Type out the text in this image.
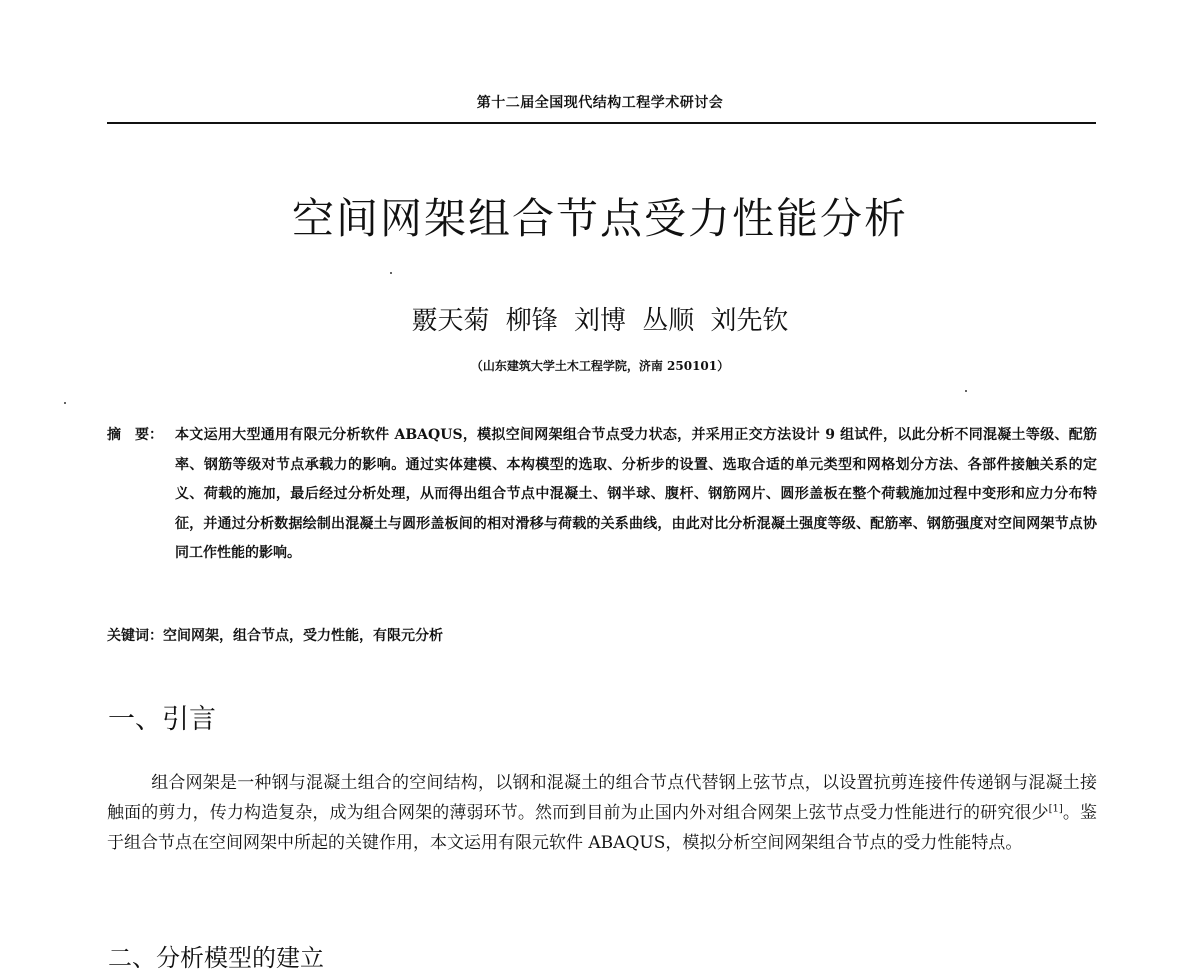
第十二届全国现代结构工程学术研讨会
空间网架组合节点受力性能分析
覈天菊 柳锋 刘博 丛顺 刘先钦
（山东建筑大学土木工程学院，济南 250101）
摘　要： 本文运用大型通用有限元分析软件 ABAQUS，模拟空间网架组合节点受力状态，并采用正交方法设计 9 组试件，以此分析不同混凝土等级、配筋率、钢筋等级对节点承载力的影响。通过实体建模、本构模型的选取、分析步的设置、选取合适的单元类型和网格划分方法、各部件接触关系的定义、荷载的施加，最后经过分析处理，从而得出组合节点中混凝土、钢半球、腹杆、钢筋网片、圆形盖板在整个荷载施加过程中变形和应力分布特征，并通过分析数据绘制出混凝土与圆形盖板间的相对滑移与荷载的关系曲线，由此对比分析混凝土强度等级、配筋率、钢筋强度对空间网架节点协同工作性能的影响。
关键词：空间网架，组合节点，受力性能，有限元分析
一、引言

组合网架是一种钢与混凝土组合的空间结构，以钢和混凝土的组合节点代替钢上弦节点，以设置抗剪连接件传递钢与混凝土接触面的剪力，传力构造复杂，成为组合网架的薄弱环节。然而到目前为止国内外对组合网架上弦节点受力性能进行的研究很少[1]。鉴于组合节点在空间网架中所起的关键作用，本文运用有限元软件 ABAQUS，模拟分析空间网架组合节点的受力性能特点。

二、分析模型的建立
